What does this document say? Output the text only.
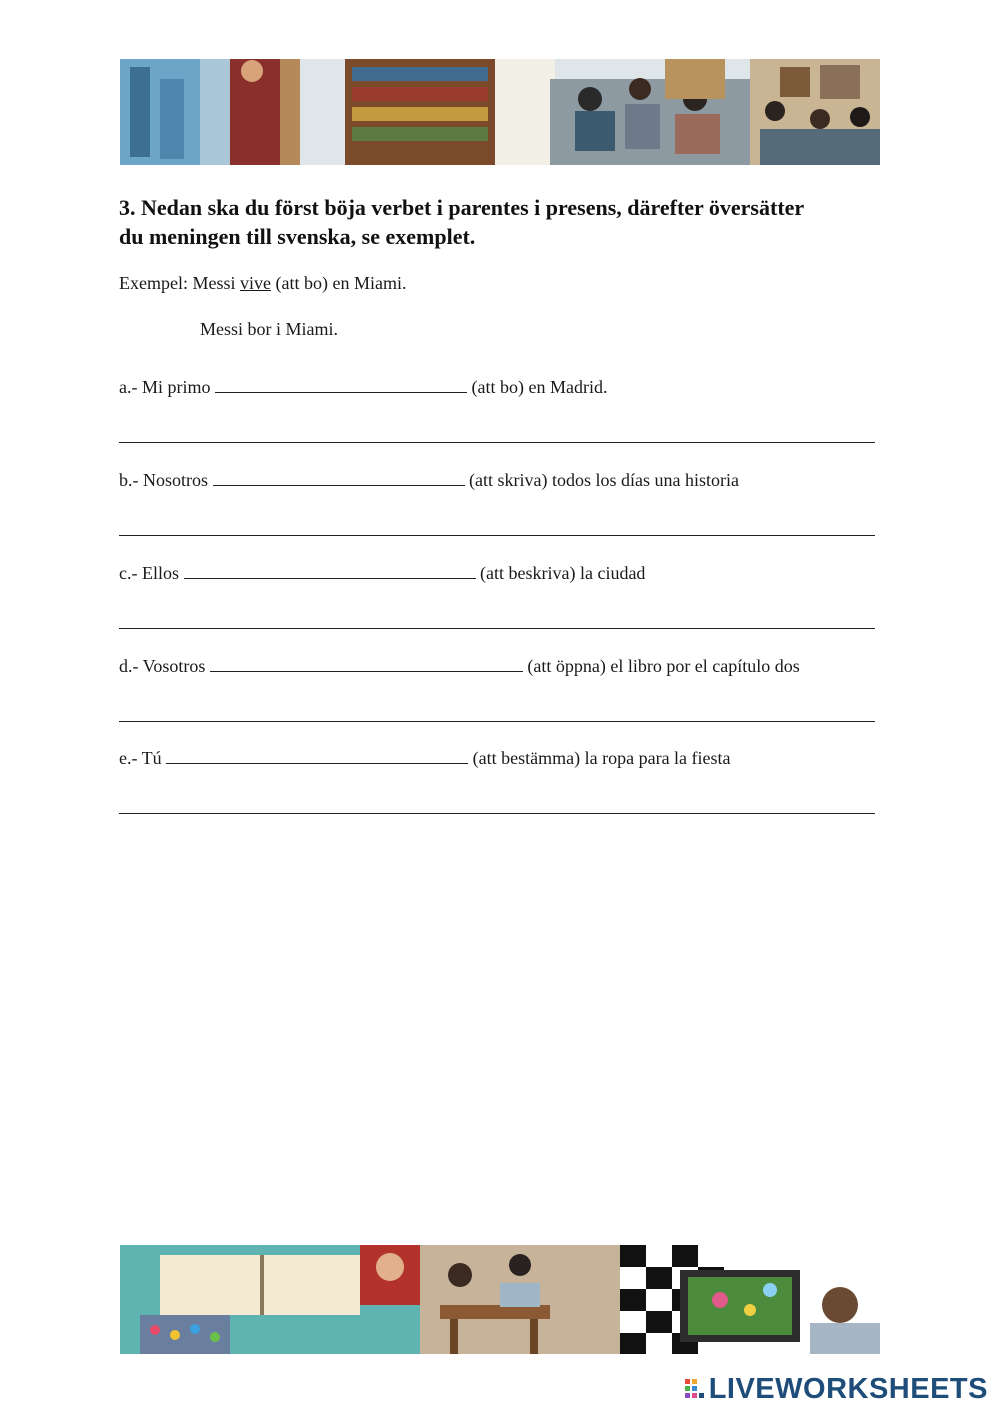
3. Nedan ska du först böja verbet i parentes i presens, därefter översätter
du meningen till svenska, se exemplet.
Exempel: Messi vive (att bo) en Miami.
Messi bor i Miami.
a.- Mi primo	(att bo) en Madrid.
b.- Nosotros	(att skriva) todos los días una historia
c.- Ellos	(att beskriva) la ciudad
d.- Vosotros	(att öppna) el libro por el capítulo dos
e.- Tú	(att bestämma) la ropa para la fiesta
LIVEWORKSHEETS
